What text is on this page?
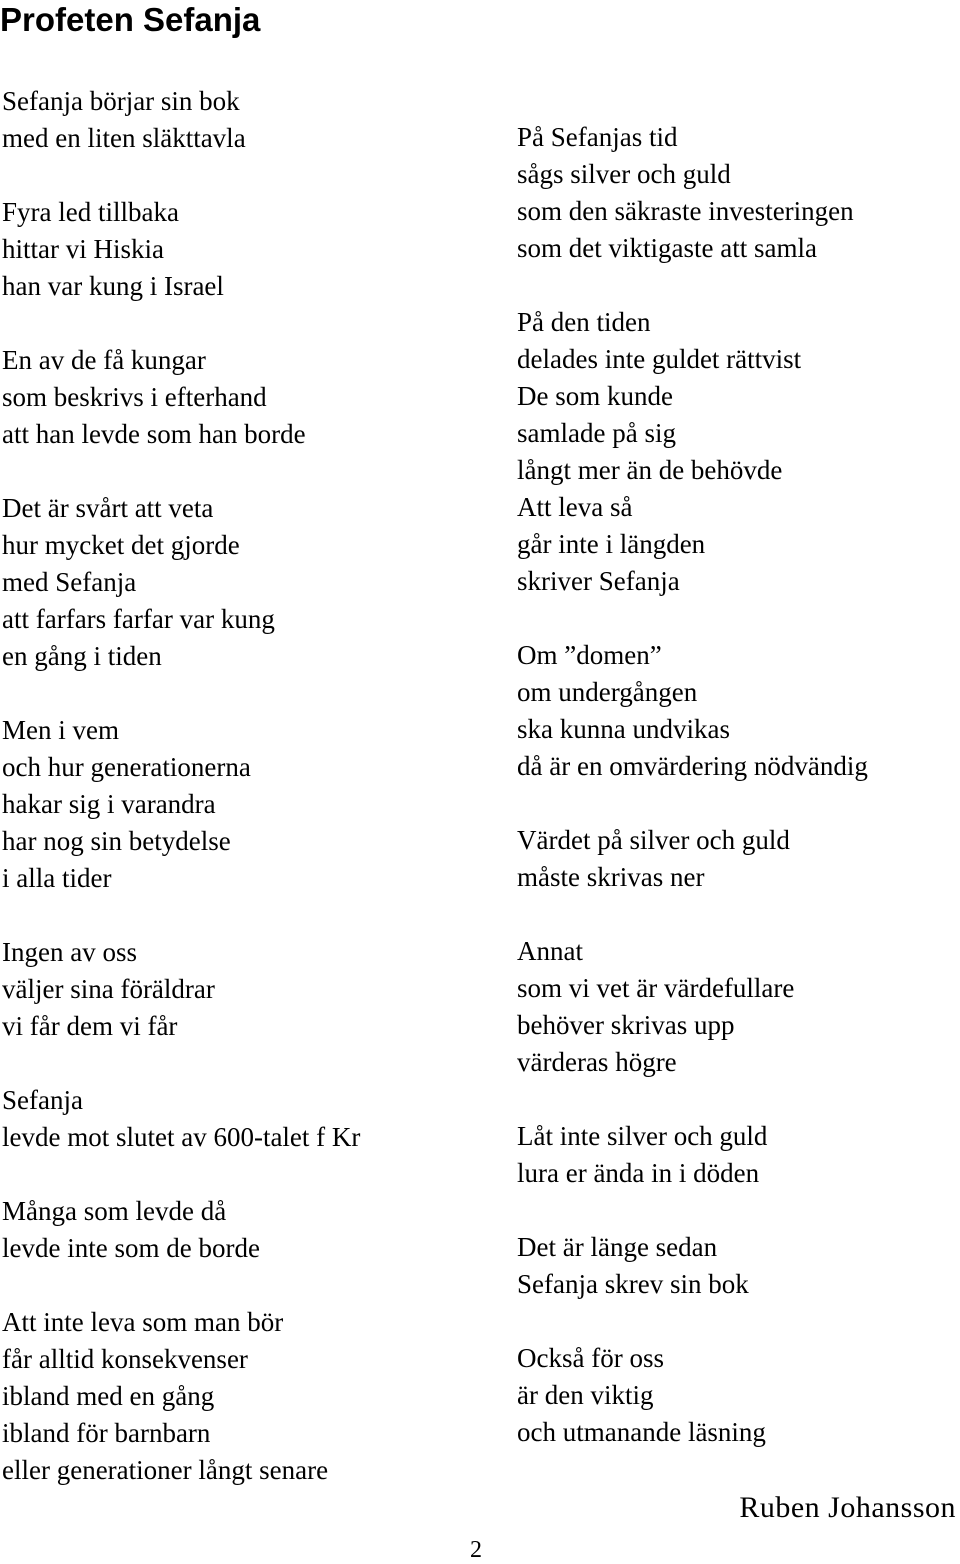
Profeten Sefanja
Sefanja börjar sin bok
med en liten släkttavla
Fyra led tillbaka
hittar vi Hiskia
han var kung i Israel
En av de få kungar
som beskrivs i efterhand
att han levde som han borde
Det är svårt att veta
hur mycket det gjorde
med Sefanja
att farfars farfar var kung
en gång i tiden
Men i vem
och hur generationerna
hakar sig i varandra
har nog sin betydelse
i alla tider
Ingen av oss
väljer sina föräldrar
vi får dem vi får
Sefanja
levde mot slutet av 600-talet f Kr
Många som levde då
levde inte som de borde
Att inte leva som man bör
får alltid konsekvenser
ibland med en gång
ibland för barnbarn
eller generationer långt senare
På Sefanjas tid
sågs silver och guld
som den säkraste investeringen
som det viktigaste att samla
På den tiden
delades inte guldet rättvist
De som kunde
samlade på sig
långt mer än de behövde
Att leva så
går inte i längden
skriver Sefanja
Om ”domen”
om undergången
ska kunna undvikas
då är en omvärdering nödvändig
Värdet på silver och guld
måste skrivas ner
Annat
som vi vet är värdefullare
behöver skrivas upp
värderas högre
Låt inte silver och guld
lura er ända in i döden
Det är länge sedan
Sefanja skrev sin bok
Också för oss
är den viktig
och utmanande läsning
Ruben Johansson
2
